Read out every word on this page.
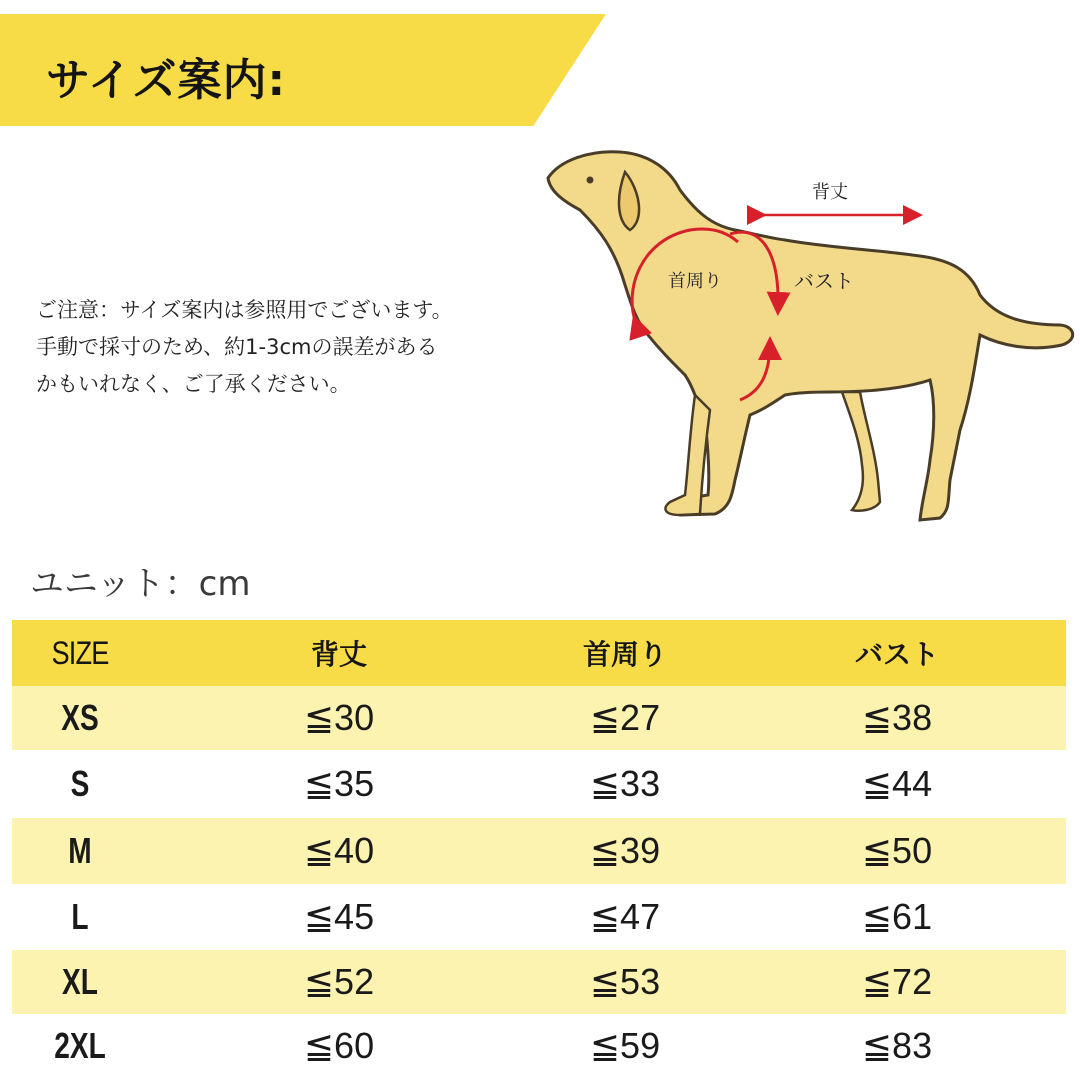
サイズ案内:
ご注意：サイズ案内は参照用でございます。
手動で採寸のため、約1-3cmの誤差がある
かもいれなく、ご了承ください。
背丈
首周り	バスト
ユニット：cm
SIZE	背丈	首周り	バスト
XS	≦30	≦27	≦38
S	≦35	≦33	≦44
M	≦40	≦39	≦50
L	≦45	≦47	≦61
XL	≦52	≦53	≦72
2XL	≦60	≦59	≦83
